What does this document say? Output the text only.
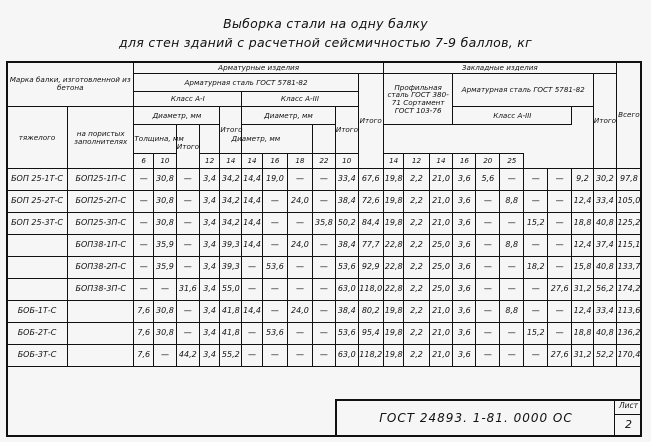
Выборка стали на одну балку
для стен зданий с расчетной сейсмичностью 7-9 баллов, кг
Марка балки, изготовленной из бетона		Арматурные изделия											Закладные изделия										Всего
		Арматурная сталь ГОСТ 5781-82										Итого	Профильная сталь ГОСТ 380-71 Сортамент ГОСТ 103-76			Арматурная сталь ГОСТ 5781-82						Итого	
		Класс А-I					Класс А-III																
тяжелого	на пористых заполнителях	Диаметр, мм				Итого	Диаметр, мм				Итого					Класс А-III							
		Толщина, мм		Итого	Диаметр, мм																		
		6	10		12	14	14	16	18	22	10		14	12	14	16	20	25					
БОП 25-1Т-С	БОП25-1П-С	—	30,8	—	3,4	34,2	14,4	19,0	—	—	33,4	67,6	19,8	2,2	21,0	3,6	5,6	—	—	—	9,2	30,2	97,8
БОП 25-2Т-С	БОП25-2П-С	—	30,8	—	3,4	34,2	14,4	—	24,0	—	38,4	72,6	19,8	2,2	21,0	3,6	—	8,8	—	—	12,4	33,4	105,0
БОП 25-3Т-С	БОП25-3П-С	—	30,8	—	3,4	34,2	14,4	—	—	35,8	50,2	84,4	19,8	2,2	21,0	3,6	—	—	15,2	—	18,8	40,8	125,2
	БОП38-1П-С	—	35,9	—	3,4	39,3	14,4	—	24,0	—	38,4	77,7	22,8	2,2	25,0	3,6	—	8,8	—	—	12,4	37,4	115,1
	БОП38-2П-С	—	35,9	—	3,4	39,3	—	53,6	—	—	53,6	92,9	22,8	2,2	25,0	3,6	—	—	18,2	—	15,8	40,8	133,7
	БОП38-3П-С	—	—	31,6	3,4	55,0	—	—	—	—	63,0	118,0	22,8	2,2	25,0	3,6	—	—	—	27,6	31,2	56,2	174,2
БОБ-1Т-С		7,6	30,8	—	3,4	41,8	14,4	—	24,0	—	38,4	80,2	19,8	2,2	21,0	3,6	—	8,8	—	—	12,4	33,4	113,6
БОБ-2Т-С		7,6	30,8	—	3,4	41,8	—	53,6	—	—	53,6	95,4	19,8	2,2	21,0	3,6	—	—	15,2	—	18,8	40,8	136,2
БОБ-3Т-С		7,6	—	44,2	3,4	55,2	—	—	—	—	63,0	118,2	19,8	2,2	21,0	3,6	—	—	—	27,6	31,2	52,2	170,4
ГОСТ 24893. 1-81. 0000 ОС
Лист
2
